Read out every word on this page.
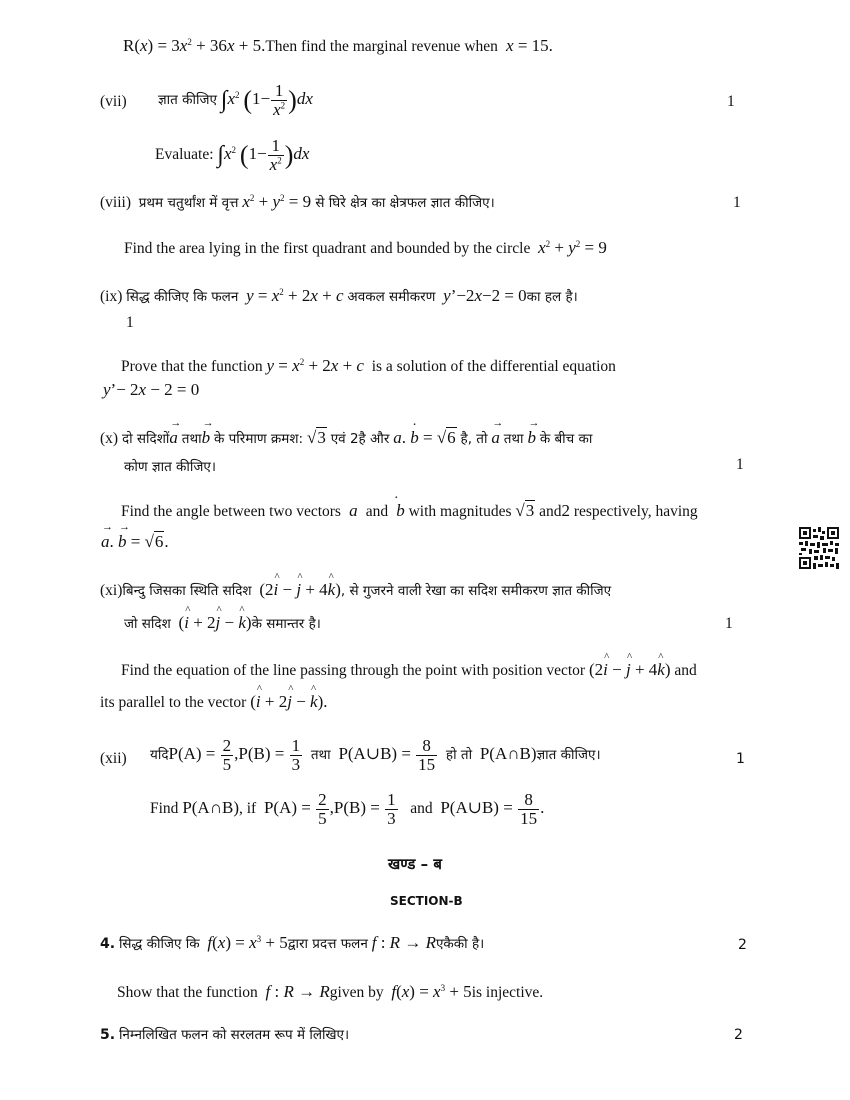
$R(x) = 3x^2 + 36x$ + 5.Then find the marginal revenue when  x = 15.
(vii) ज्ञात कीजिए $\int x^2$ $(1- \frac{1}{x^2} )dx$	1
Evaluate: $\int x^2$ $(1- \frac{1}{x^2} )dx$
(viii) प्रथम चतुर्थांश में वृत्त $x^2 + y^2 = 9$ से घिरे क्षेत्र का क्षेत्रफल ज्ञात कीजिए।	1
Find the area lying in the first quadrant and bounded by the circle $x^2 + y^2 = 9$
(ix) सिद्ध कीजिए कि फलन $y = x^2 + 2x + c$ अवकल समीकरण y’−2x−2 = 0का हल है।
1
Prove that the function $y = x^2 + 2x + c$ is a solution of the differential equation
y’− 2x − 2 = 0
(x) दो सदिशों→ a तथा→ b के परिमाण क्रमश: √3 एवं 2है और a. · b = √6 है, तो → a तथा → b के बीच का
कोण ज्ञात कीजिए।	1
Find the angle between two vectors  a  and ·  b with magnitudes √3 and2 respectively, having
→ a. → b = √6.
(xi)बिन्दु जिसका स्थिति सदिश (2^ i − ^ j + 4^ k), से गुजरने वाली रेखा का सदिश समीकरण ज्ञात कीजिए
जो सदिश (^ i + 2^ j − ^ k)के समान्तर है।	1
Find the equation of the line passing through the point with position vector (2^ i − ^ j + 4^ k) and
its parallel to the vector (^ i + 2^ j − ^ k).
(xii) यदिP(A) = $\frac{2}{5} ,P(B) = \frac{1}{3}$ तथा P(A∪B) = $\frac{8}{15}$ हो तो P(A∩B)ज्ञात कीजिए।	1
Find P(A∩B), if $P(A) = \frac{2}{5} ,P(B) = \frac{1}{3}$ and P(A∪B) = $\frac{8}{15}$ .
खण्ड – ब
SECTION-B
4. सिद्ध कीजिए कि $f(x) = x^3$ + 5द्वारा प्रदत्त फलन f : R → Rएकैकी है।	2
Show that the function f : R → Rgiven by $f(x) = x^3 + 5is$ injective.
5. निम्नलिखित फलन को सरलतम रूप में लिखिए।	2
